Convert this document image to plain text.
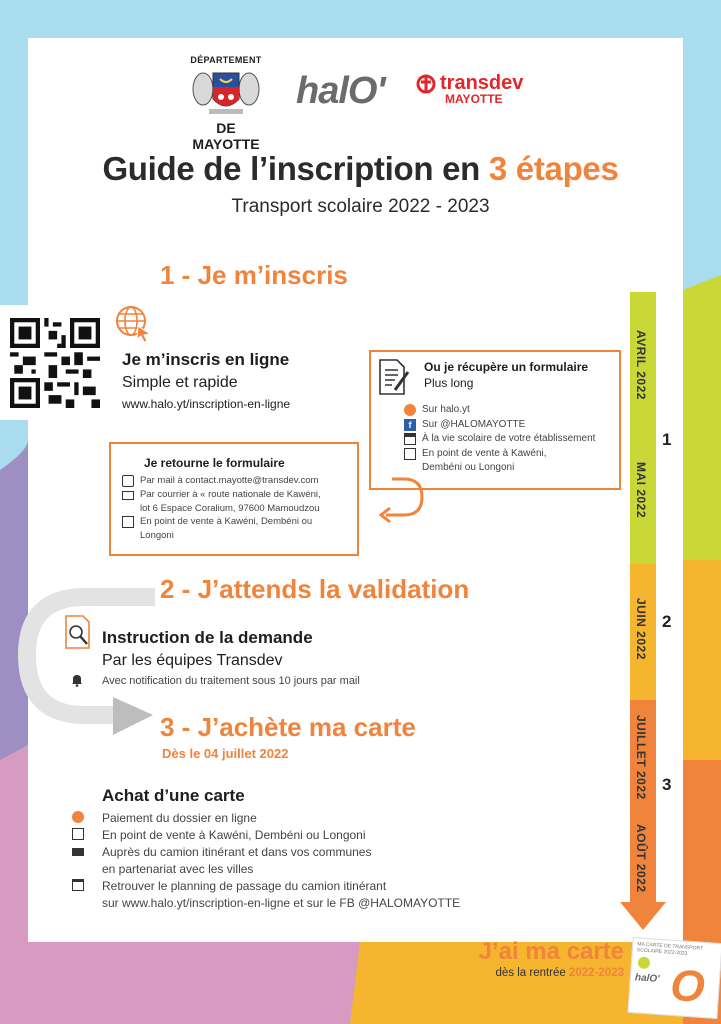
DÉPARTEMENT
DE MAYOTTE
halO'	transdev
MAYOTTE
Guide de l’inscription en 3 étapes
Transport scolaire 2022 - 2023
1 - Je m’inscris
Je m’inscris en ligne
Simple et rapide
www.halo.yt/inscription-en-ligne
Ou je récupère un formulaire
Plus long
Sur halo.yt
f	Sur @HALOMAYOTTE
À la vie scolaire de votre établissement
En point de vente à Kawéni,
Dembéni ou Longoni
Je retourne le formulaire
Par mail à contact.mayotte@transdev.com
Par courrier à « route nationale de Kawéni,
lot 6 Espace Coralium, 97600 Mamoudzou
En point de vente à Kawéni, Dembéni ou
Longoni
2 - J’attends la validation
Instruction de la demande
Par les équipes Transdev
Avec notification du traitement sous 10 jours par mail
3 - J’achète ma carte
Dès le 04 juillet 2022
Achat d’une carte
Paiement du dossier en ligne
En point de vente à Kawéni, Dembéni ou Longoni
Auprès du camion itinérant et dans vos communes
en partenariat avec les villes
Retrouver le planning de passage du camion itinérant
sur www.halo.yt/inscription-en-ligne et sur le FB @HALOMAYOTTE
AVRIL 2022
MAI 2022
JUIN 2022
JUILLET 2022
AOÛT 2022
1
2
3
J’ai ma carte
dès la rentrée 2022-2023
MA CARTE DE TRANSPORT SCOLAIRE 2022-2023
halO' O
